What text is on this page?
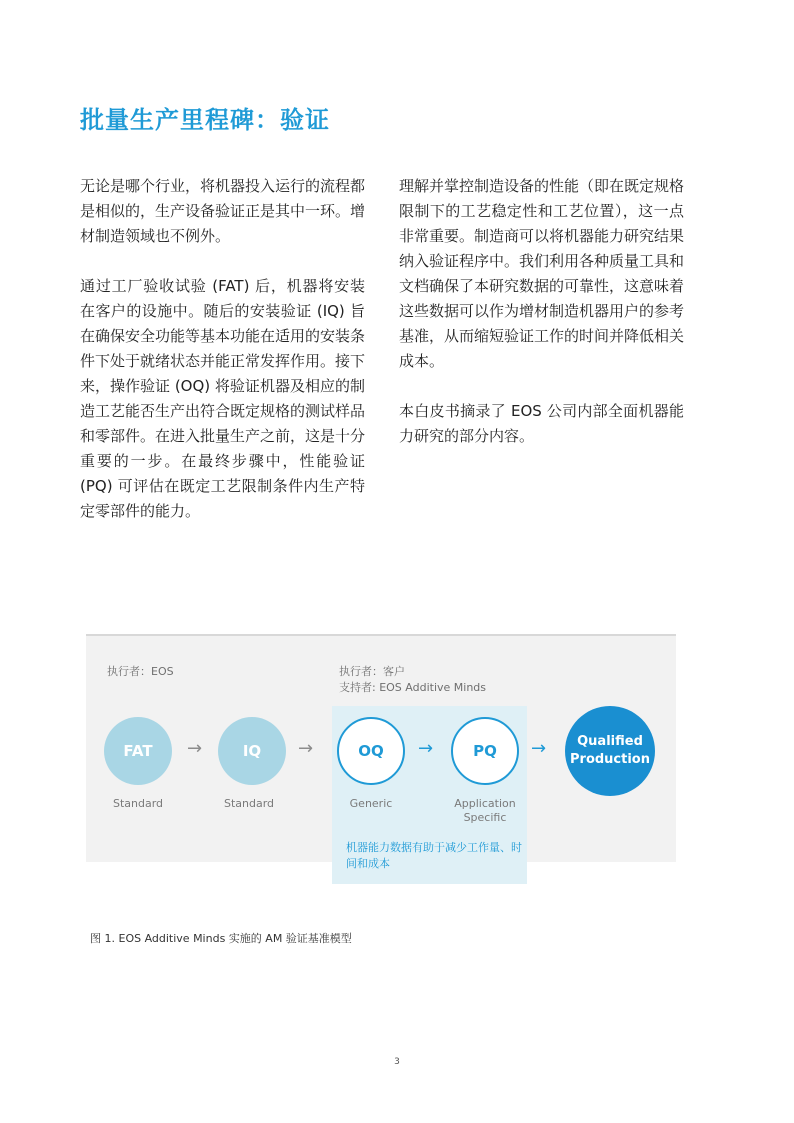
批量生产里程碑：验证

无论是哪个行业，将机器投入运行的流程都是相似的，生产设备验证正是其中一环。增材制造领域也不例外。

通过工厂验收试验 (FAT) 后，机器将安装在客户的设施中。随后的安装验证 (IQ) 旨在确保安全功能等基本功能在适用的安装条件下处于就绪状态并能正常发挥作用。接下来，操作验证 (OQ) 将验证机器及相应的制造工艺能否生产出符合既定规格的测试样品和零部件。在进入批量生产之前，这是十分重要的一步。在最终步骤中，性能验证 (PQ) 可评估在既定工艺限制条件内生产特定零部件的能力。

理解并掌控制造设备的性能（即在既定规格限制下的工艺稳定性和工艺位置），这一点非常重要。制造商可以将机器能力研究结果纳入验证程序中。我们利用各种质量工具和文档确保了本研究数据的可靠性，这意味着这些数据可以作为增材制造机器用户的参考基准，从而缩短验证工作的时间并降低相关成本。

本白皮书摘录了 EOS 公司内部全面机器能力研究的部分内容。

执行者：EOS	执行者：客户
支持者: EOS Additive Minds
FAT	IQ	OQ	PQ
Qualified
Production
→	→	→	→
Standard	Standard	Generic	Application
Specific
机器能力数据有助于减少工作量、时间和成本
图 1. EOS Additive Minds 实施的 AM 验证基准模型
3
